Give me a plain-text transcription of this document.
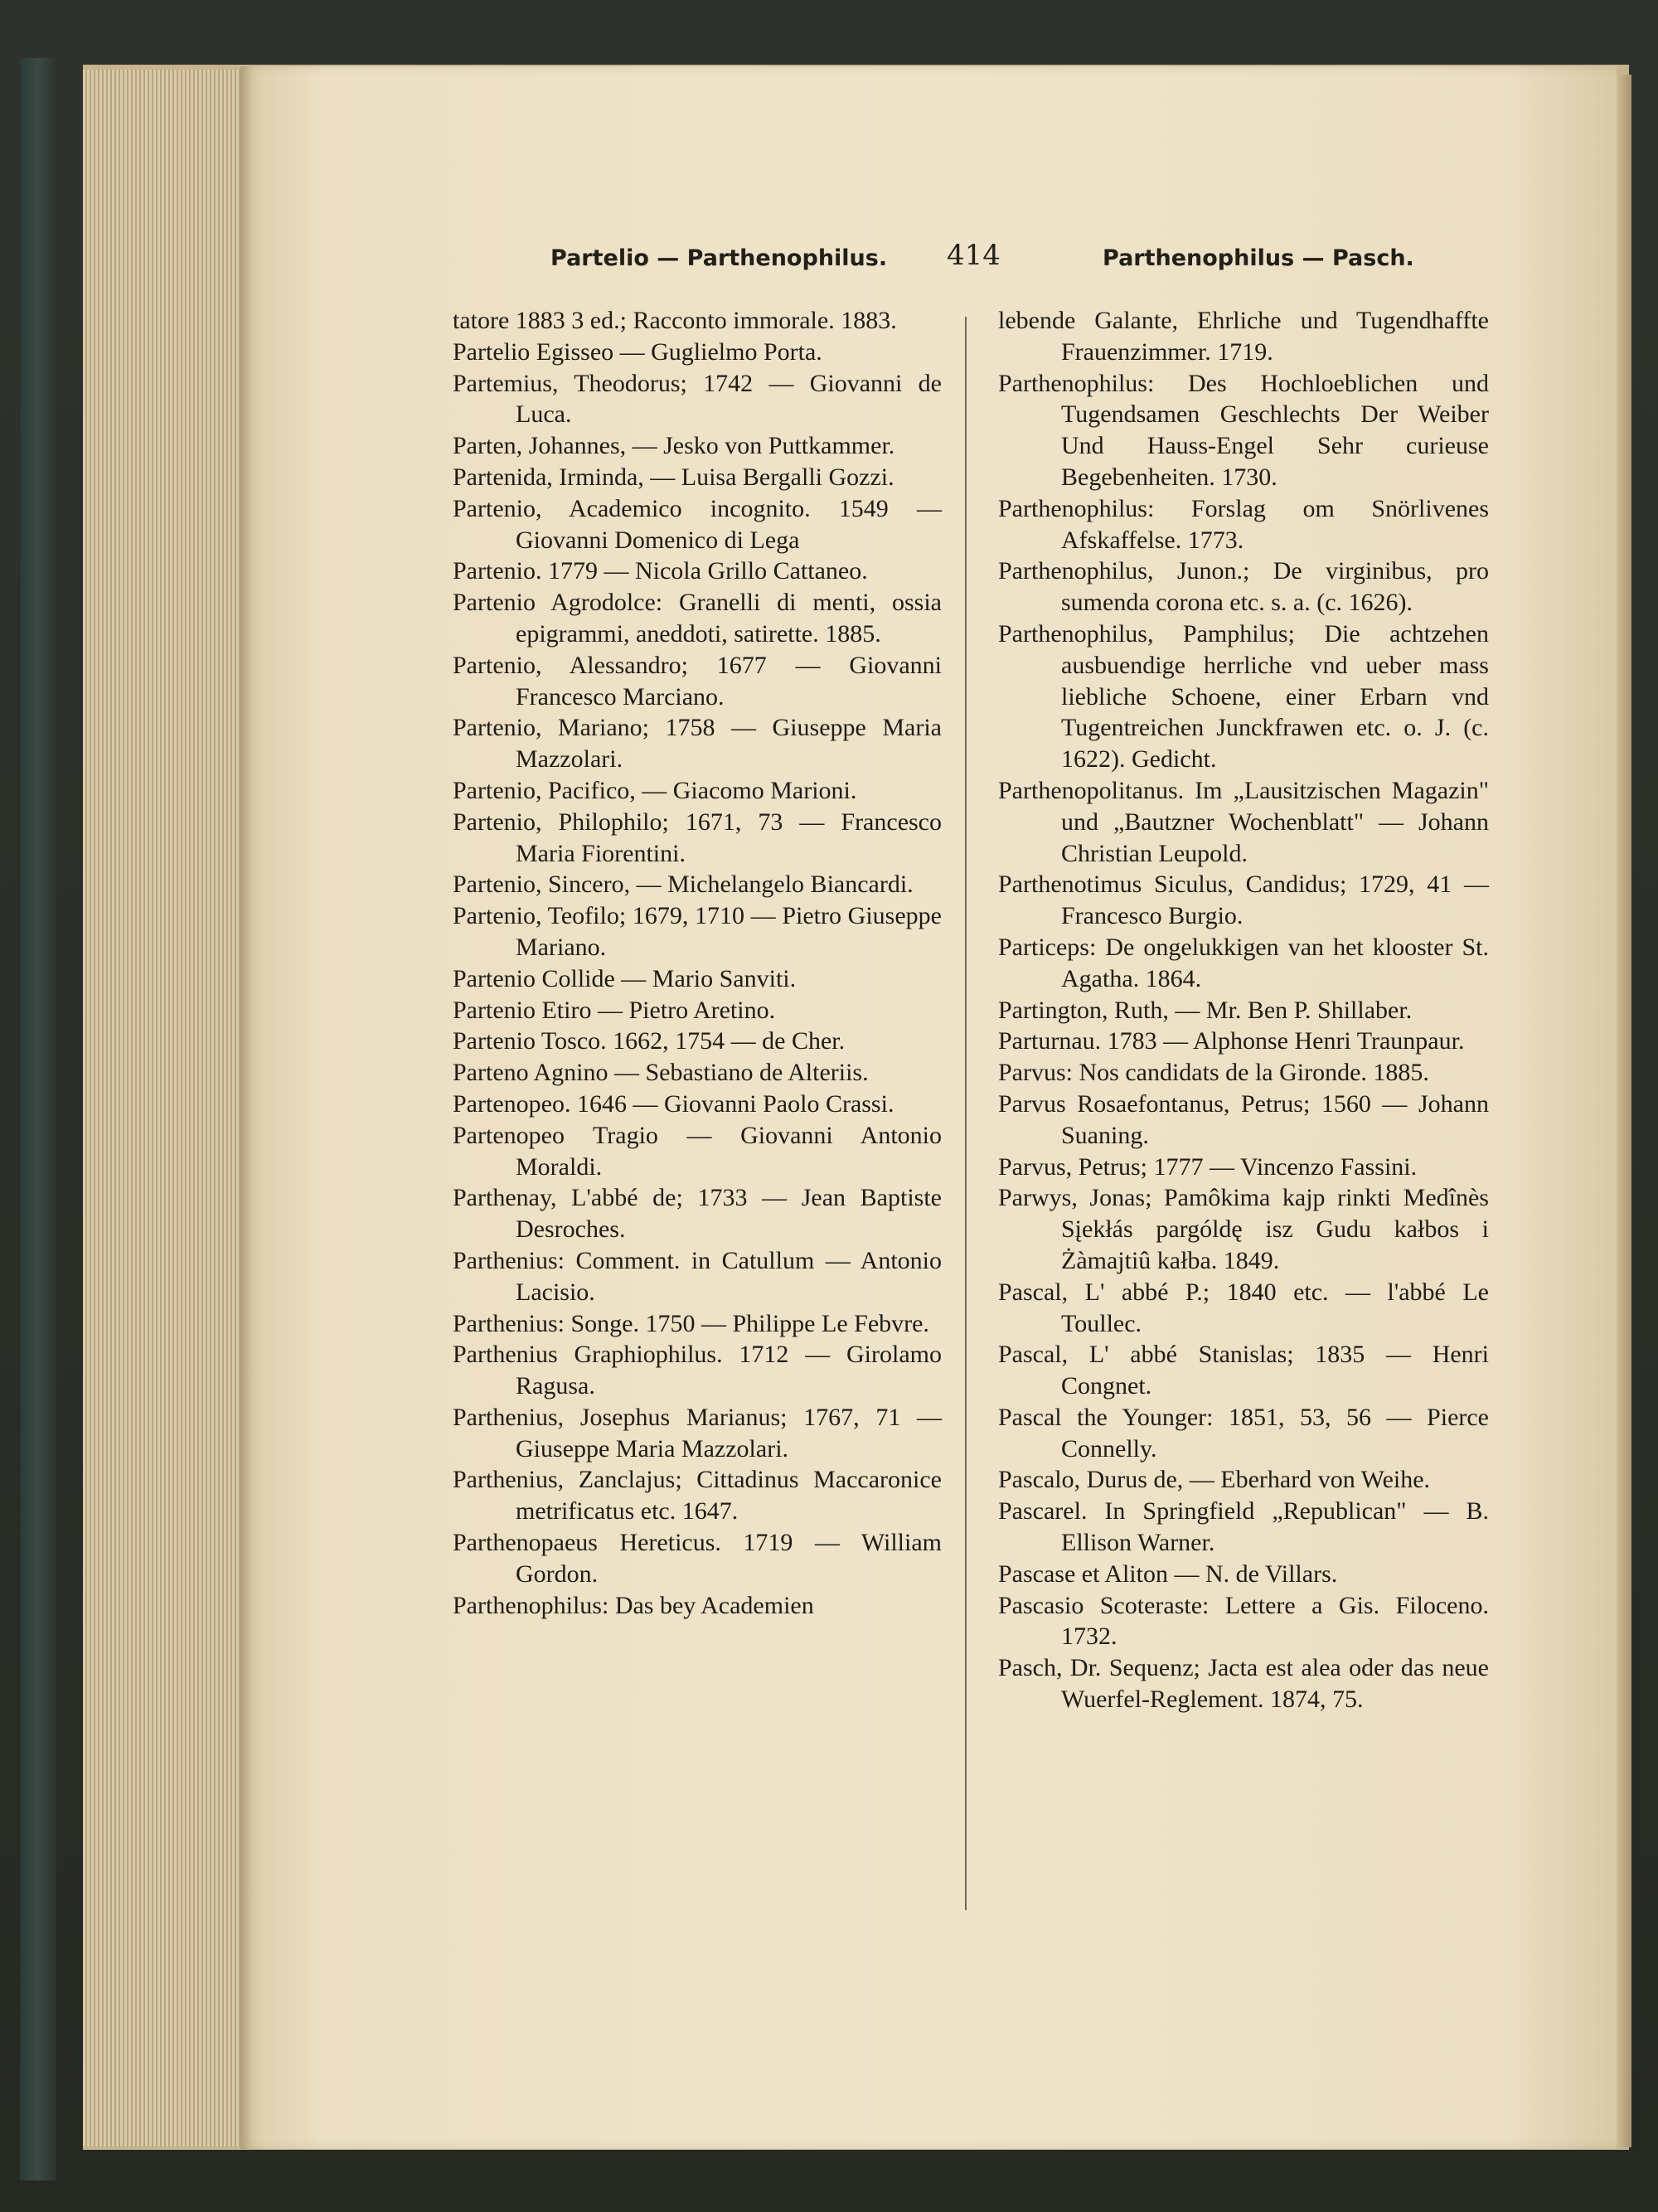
Partelio — Parthenophilus. 414	Parthenophilus — Pasch.
tatore 1883 3 ed.; Racconto immorale. 1883.
Partelio Egisseo — Guglielmo Porta.
Partemius, Theodorus; 1742 — Giovanni de Luca.
Parten, Johannes, — Jesko von Puttkammer.
Partenida, Irminda, — Luisa Bergalli Gozzi.
Partenio, Academico incognito. 1549 — Giovanni Domenico di Lega
Partenio. 1779 — Nicola Grillo Cattaneo.
Partenio Agrodolce: Granelli di menti, ossia epigrammi, aneddoti, satirette. 1885.
Partenio, Alessandro; 1677 — Giovanni Francesco Marciano.
Partenio, Mariano; 1758 — Giuseppe Maria Mazzolari.
Partenio, Pacifico, — Giacomo Marioni.
Partenio, Philophilo; 1671, 73 — Francesco Maria Fiorentini.
Partenio, Sincero, — Michelangelo Biancardi.
Partenio, Teofilo; 1679, 1710 — Pietro Giuseppe Mariano.
Partenio Collide — Mario Sanviti.
Partenio Etiro — Pietro Aretino.
Partenio Tosco. 1662, 1754 — de Cher.
Parteno Agnino — Sebastiano de Alteriis.
Partenopeo. 1646 — Giovanni Paolo Crassi.
Partenopeo Tragio — Giovanni Antonio Moraldi.
Parthenay, L'abbé de; 1733 — Jean Baptiste Desroches.
Parthenius: Comment. in Catullum — Antonio Lacisio.
Parthenius: Songe. 1750 — Philippe Le Febvre.
Parthenius Graphiophilus. 1712 — Girolamo Ragusa.
Parthenius, Josephus Marianus; 1767, 71 — Giuseppe Maria Mazzolari.
Parthenius, Zanclajus; Cittadinus Maccaronice metrificatus etc. 1647.
Parthenopaeus Hereticus. 1719 — William Gordon.
Parthenophilus: Das bey Academien
lebende Galante, Ehrliche und Tugendhaffte Frauenzimmer. 1719.
Parthenophilus: Des Hochloeblichen und Tugendsamen Geschlechts Der Weiber Und Hauss-Engel Sehr curieuse Begebenheiten. 1730.
Parthenophilus: Forslag om Snörlivenes Afskaffelse. 1773.
Parthenophilus, Junon.; De virginibus, pro sumenda corona etc. s. a. (c. 1626).
Parthenophilus, Pamphilus; Die achtzehen ausbuendige herrliche vnd ueber mass liebliche Schoene, einer Erbarn vnd Tugentreichen Junckfrawen etc. o. J. (c. 1622). Gedicht.
Parthenopolitanus. Im „Lausitzischen Magazin" und „Bautzner Wochenblatt" — Johann Christian Leupold.
Parthenotimus Siculus, Candidus; 1729, 41 — Francesco Burgio.
Particeps: De ongelukkigen van het klooster St. Agatha. 1864.
Partington, Ruth, — Mr. Ben P. Shillaber.
Parturnau. 1783 — Alphonse Henri Traunpaur.
Parvus: Nos candidats de la Gironde. 1885.
Parvus Rosaefontanus, Petrus; 1560 — Johann Suaning.
Parvus, Petrus; 1777 — Vincenzo Fassini.
Parwys, Jonas; Pamôkima kajp rinkti Medînès Sįekłás pargóldę isz Gudu kałbos i Żàmajtiû kałba. 1849.
Pascal, L' abbé P.; 1840 etc. — l'abbé Le Toullec.
Pascal, L' abbé Stanislas; 1835 — Henri Congnet.
Pascal the Younger: 1851, 53, 56 — Pierce Connelly.
Pascalo, Durus de, — Eberhard von Weihe.
Pascarel. In Springfield „Republican" — B. Ellison Warner.
Pascase et Aliton — N. de Villars.
Pascasio Scoteraste: Lettere a Gis. Filoceno. 1732.
Pasch, Dr. Sequenz; Jacta est alea oder das neue Wuerfel-Reglement. 1874, 75.
